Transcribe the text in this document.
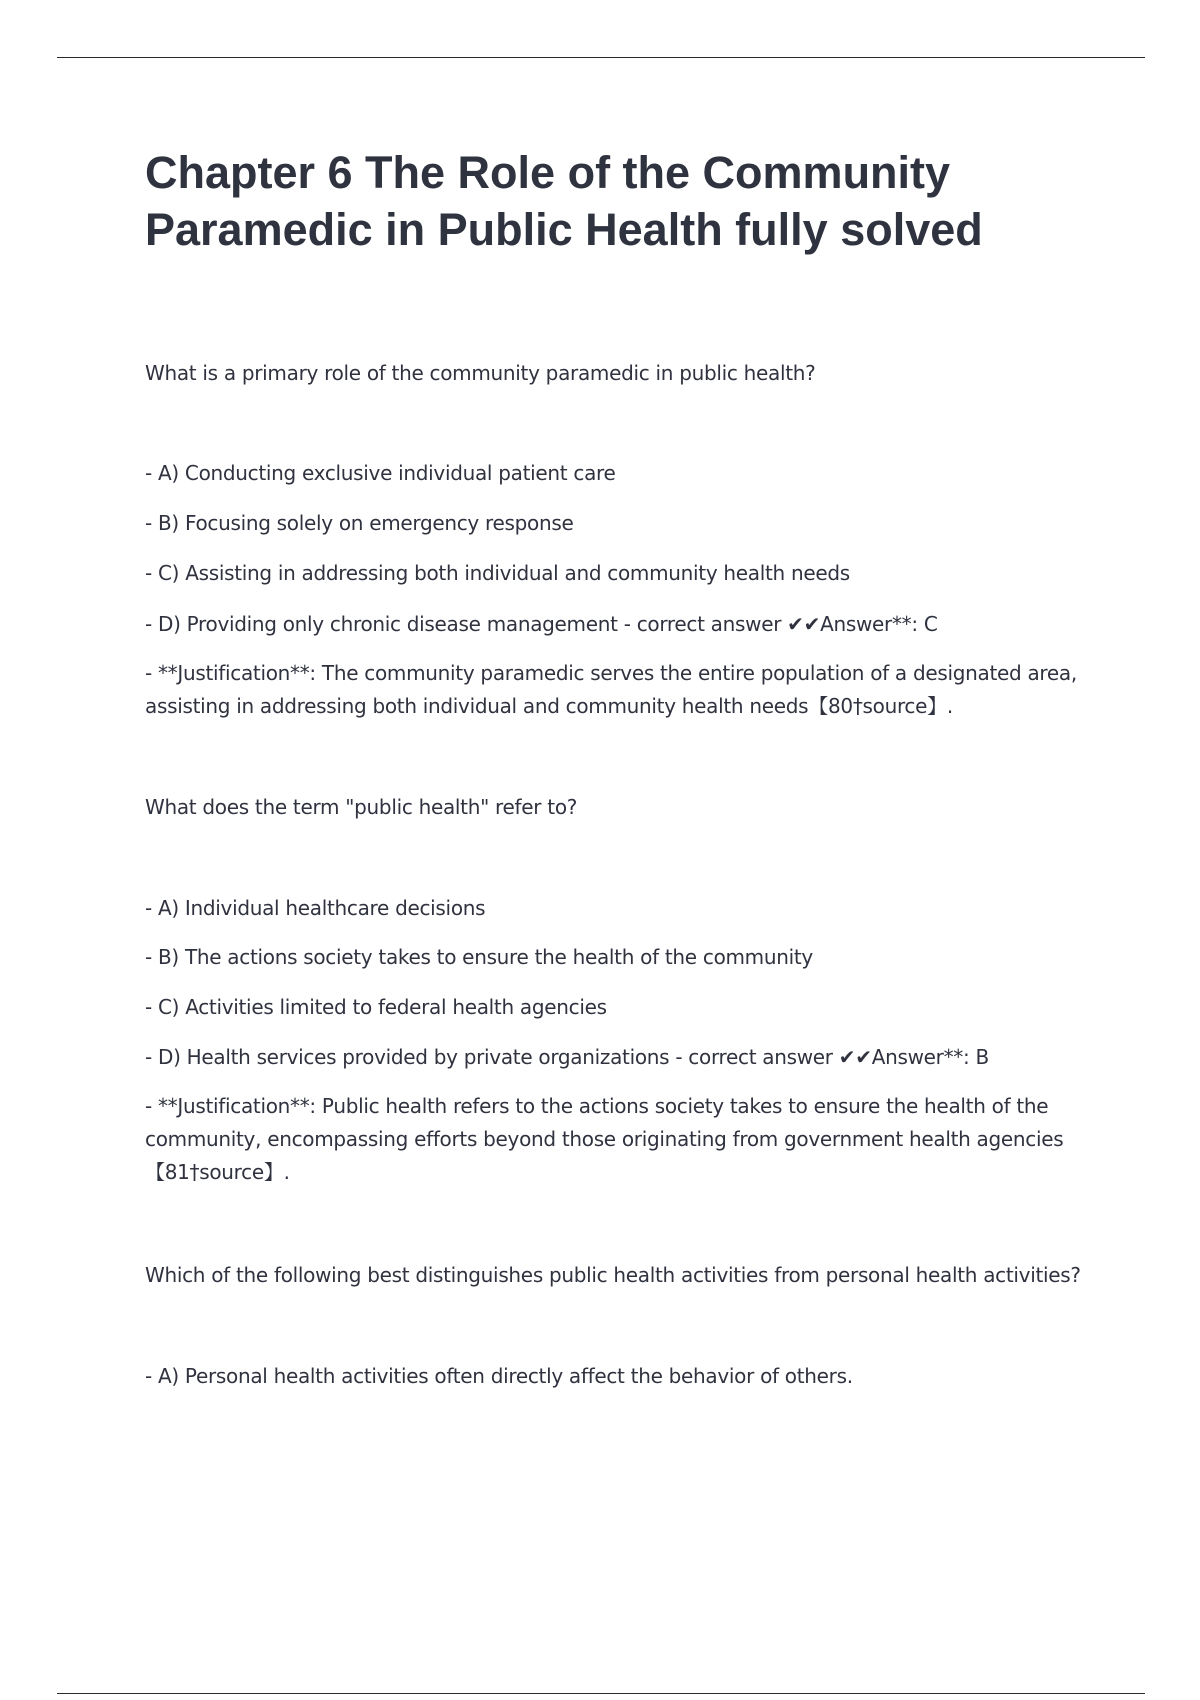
Chapter 6 The Role of the Community Paramedic in Public Health fully solved

What is a primary role of the community paramedic in public health?

- A) Conducting exclusive individual patient care

- B) Focusing solely on emergency response

- C) Assisting in addressing both individual and community health needs

- D) Providing only chronic disease management - correct answer ✔✔Answer**: C

- **Justification**: The community paramedic serves the entire population of a designated area, assisting in addressing both individual and community health needs【80†source】.

What does the term "public health" refer to?

- A) Individual healthcare decisions

- B) The actions society takes to ensure the health of the community

- C) Activities limited to federal health agencies

- D) Health services provided by private organizations - correct answer ✔✔Answer**: B

- **Justification**: Public health refers to the actions society takes to ensure the health of the community, encompassing efforts beyond those originating from government health agencies【81†source】.

Which of the following best distinguishes public health activities from personal health activities?

- A) Personal health activities often directly affect the behavior of others.
